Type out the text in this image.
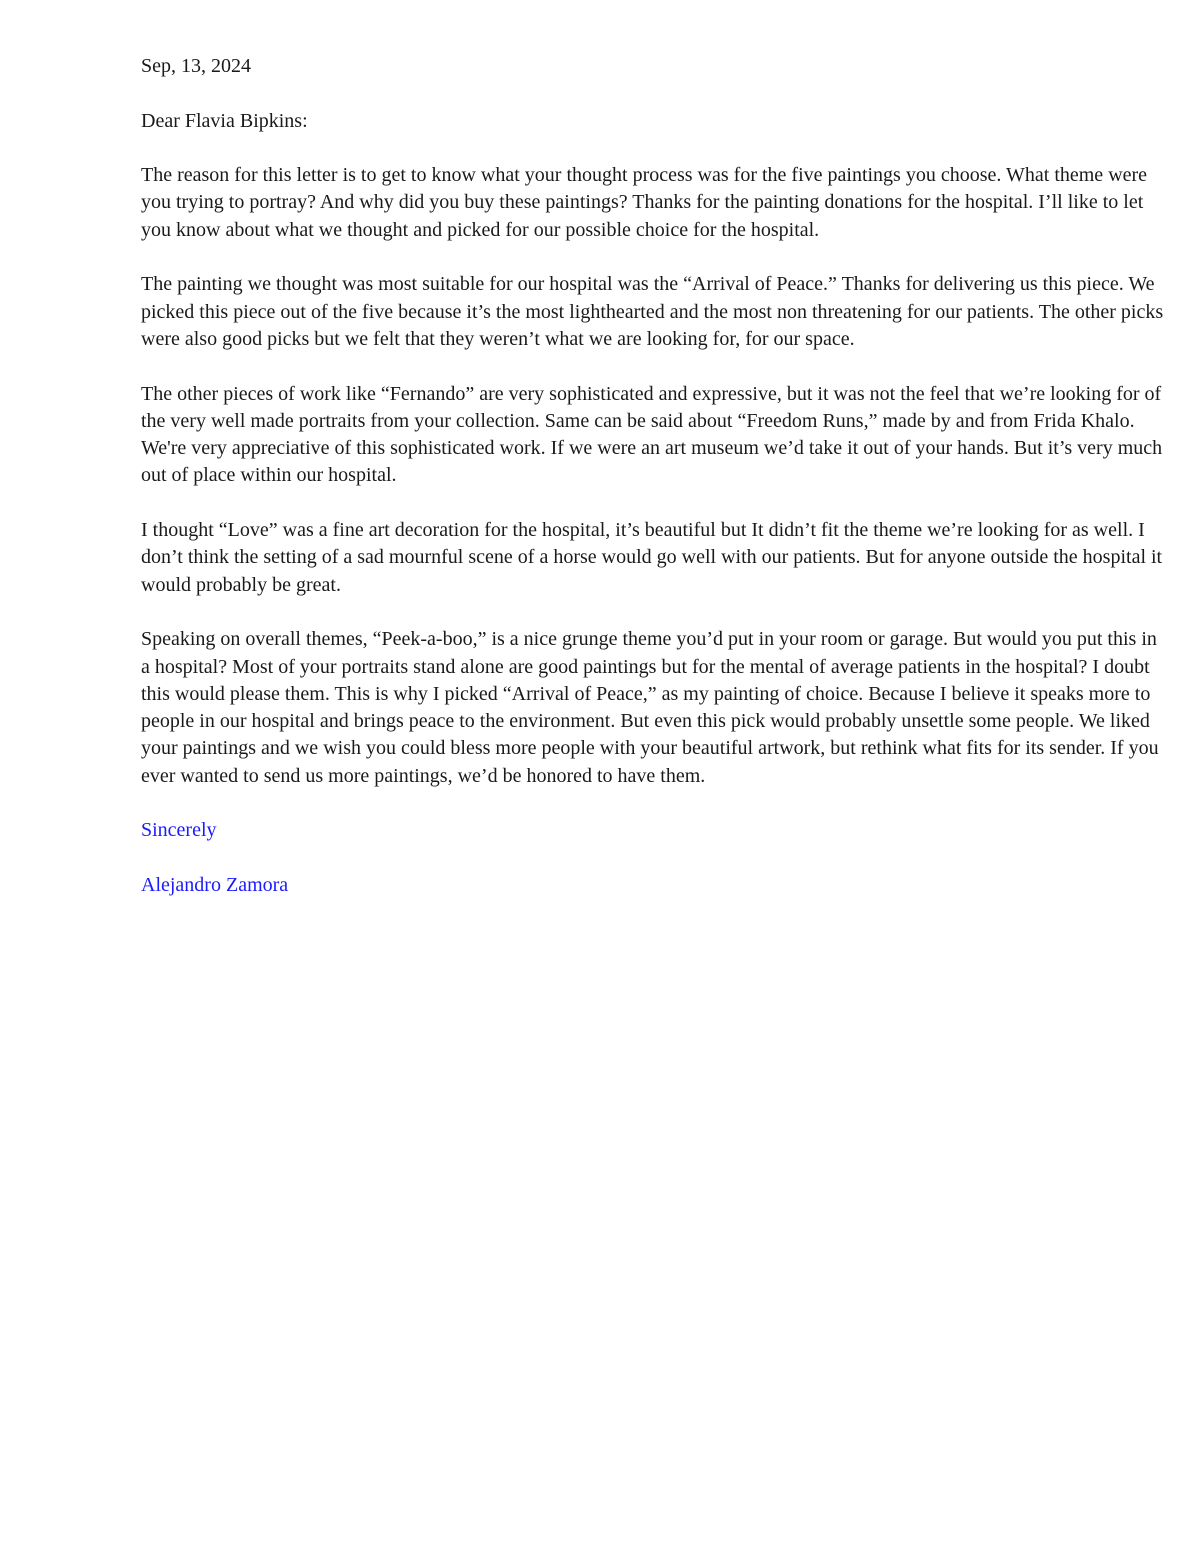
Sep, 13, 2024
Dear Flavia Bipkins:
The reason for this letter is to get to know what your thought process was for the five paintings you choose. What theme were
you trying to portray? And why did you buy these paintings? Thanks for the painting donations for the hospital. I’ll like to let
you know about what we thought and picked for our possible choice for the hospital.
The painting we thought was most suitable for our hospital was the “Arrival of Peace.” Thanks for delivering us this piece. We
picked this piece out of the five because it’s the most lighthearted and the most non threatening for our patients. The other picks
were also good picks but we felt that they weren’t what we are looking for, for our space.
The other pieces of work like “Fernando” are very sophisticated and expressive, but it was not the feel that we’re looking for of
the very well made portraits from your collection. Same can be said about “Freedom Runs,” made by and from Frida Khalo.
We're very appreciative of this sophisticated work. If we were an art museum we’d take it out of your hands. But it’s very much
out of place within our hospital.
I thought “Love” was a fine art decoration for the hospital, it’s beautiful but It didn’t fit the theme we’re looking for as well. I
don’t think the setting of a sad mournful scene of a horse would go well with our patients. But for anyone outside the hospital it
would probably be great.
Speaking on overall themes, “Peek-a-boo,” is a nice grunge theme you’d put in your room or garage. But would you put this in
a hospital? Most of your portraits stand alone are good paintings but for the mental of average patients in the hospital? I doubt
this would please them. This is why I picked “Arrival of Peace,” as my painting of choice. Because I believe it speaks more to
people in our hospital and brings peace to the environment. But even this pick would probably unsettle some people. We liked
your paintings and we wish you could bless more people with your beautiful artwork, but rethink what fits for its sender. If you
ever wanted to send us more paintings, we’d be honored to have them.
Sincerely
Alejandro Zamora
